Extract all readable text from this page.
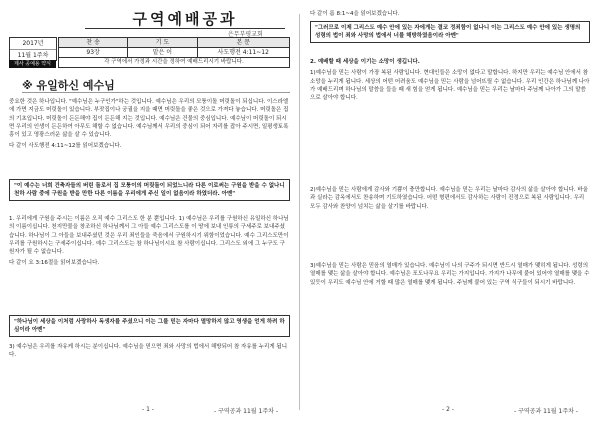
구역예배공과
은무부평교회
2017년
11월 1주차
제사 공예용 약식
찬 송	기 도	본 문
93장	맡은 이	사도행전 4:11~12
각 구역에서 가정과 시간을 정하여 예배드리시기 바랍니다.		
※ 유일하신 예수님

중요한 것은 하나입니다. "예수님은 누구인가"하는 것입니다. 예수님은 우리의 모퉁이돌 머릿돌이 되십니다. 이스라엘에 가면 지금도 머릿돌이 있습니다. 부잣집이나 궁궐을 지을 때면 머릿돌을 좋은 것으로 가져다 놓습니다. 머릿돌은 집의 기초입니다. 머릿돌이 든든해야 집이 든든해 지는 것입니다. 예수님은 건물의 중심입니다. 예수님이 머릿돌이 되시면 우리의 인생이 든든하여 아무도 해할 수 없습니다. 예수님께서 우리의 중심이 되어 자리를 잡아 주시면, 일평생토록 흥이 있고 영광스러운 삶을 살 수 있습니다.

다 같이 사도행전 4:11~12를 읽어보겠습니다.

"이 예수는 너희 건축자들의 버린 돌로서 집 모퉁이의 머릿돌이 되었느니라 다른 이로써는 구원을 받을 수 없나니 천하 사람 중에 구원을 받을 만한 다른 이름을 우리에게 주신 일이 없음이라 하였더라. 아멘"

1. 우리에게 구원을 주시는 이름은 오직 예수 그리스도 한 분 뿐입니다. 1) 예수님은 우리를 구원하신 유일하신 하나님의 이름이십니다. 천지만물을 창조하신 하나님께서 그 아들 예수 그리스도를 이 땅에 보내 인류의 구세주로 보내주셨습니다. 하나님이 그 아들을 보내주셨던 것은 우리 죄인들을 죽음에서 구원하시기 위함이었습니다. 예수 그리스도만이 우리를 구원하시는 구세주이십니다. 예수 그리스도는 참 하나님이시요 참 사람이십니다. 그리스도 외에 그 누구도 구원자가 될 수 없습니다.

다 같이 요 3:16절을 읽어보겠습니다.

"하나님이 세상을 이처럼 사랑하사 독생자를 주셨으니 이는 그를 믿는 자마다 멸망하지 않고 영생을 얻게 하려 하심이라 아멘"

3) 예수님은 우리를 자유케 하시는 분이십니다. 예수님을 믿으면 죄와 사망의 법에서 해방되어 참 자유를 누리게 됩니다.

- 1 -	- 구역공과 11월 1주차 -

다 같이 롬 8:1~4을 읽어보겠습니다.

"그러므로 이제 그리스도 예수 안에 있는 자에게는 결코 정죄함이 없나니 이는 그리스도 예수 안에 있는 생명의 성령의 법이 죄와 사망의 법에서 너를 해방하였음이라 아멘"

2. 예배할 때 세상을 이기는 소망이 생깁니다.

1)예수님을 믿는 사람이 가장 복된 사람입니다. 현대인들은 소망이 없다고 말합니다. 하지만 우리는 예수님 안에서 참 소망을 누리게 됩니다. 세상의 어떤 어려움도 예수님을 믿는 사람을 넘어뜨릴 수 없습니다. 우리 인간은 하나님께 나아가 예배드리며 하나님의 말씀을 들을 때 새 힘을 얻게 됩니다. 예수님을 믿는 우리는 날마다 주님께 나아가 그의 말씀으로 살아야 합니다.

2)예수님을 믿는 사람에게 감사와 기쁨이 충만합니다. 예수님을 믿는 우리는 날마다 감사의 삶을 살아야 합니다. 바울과 실라는 감옥에서도 찬송하며 기도하였습니다. 어떤 형편에서도 감사하는 사람이 진정으로 복된 사람입니다. 우리 모두 감사와 찬양이 넘치는 삶을 살기를 바랍니다.

3)예수님을 믿는 사람은 믿음의 열매가 있습니다. 예수님이 나의 구주가 되시면 반드시 열매가 맺히게 됩니다. 성령의 열매를 맺는 삶을 살아야 합니다. 예수님은 포도나무요 우리는 가지입니다. 가지가 나무에 붙어 있어야 열매를 맺을 수 있듯이 우리도 예수님 안에 거할 때 많은 열매를 맺게 됩니다. 주님께 붙어 있는 구역 식구들이 되시기 바랍니다.

- 2 -	- 구역공과 11월 1주차 -
